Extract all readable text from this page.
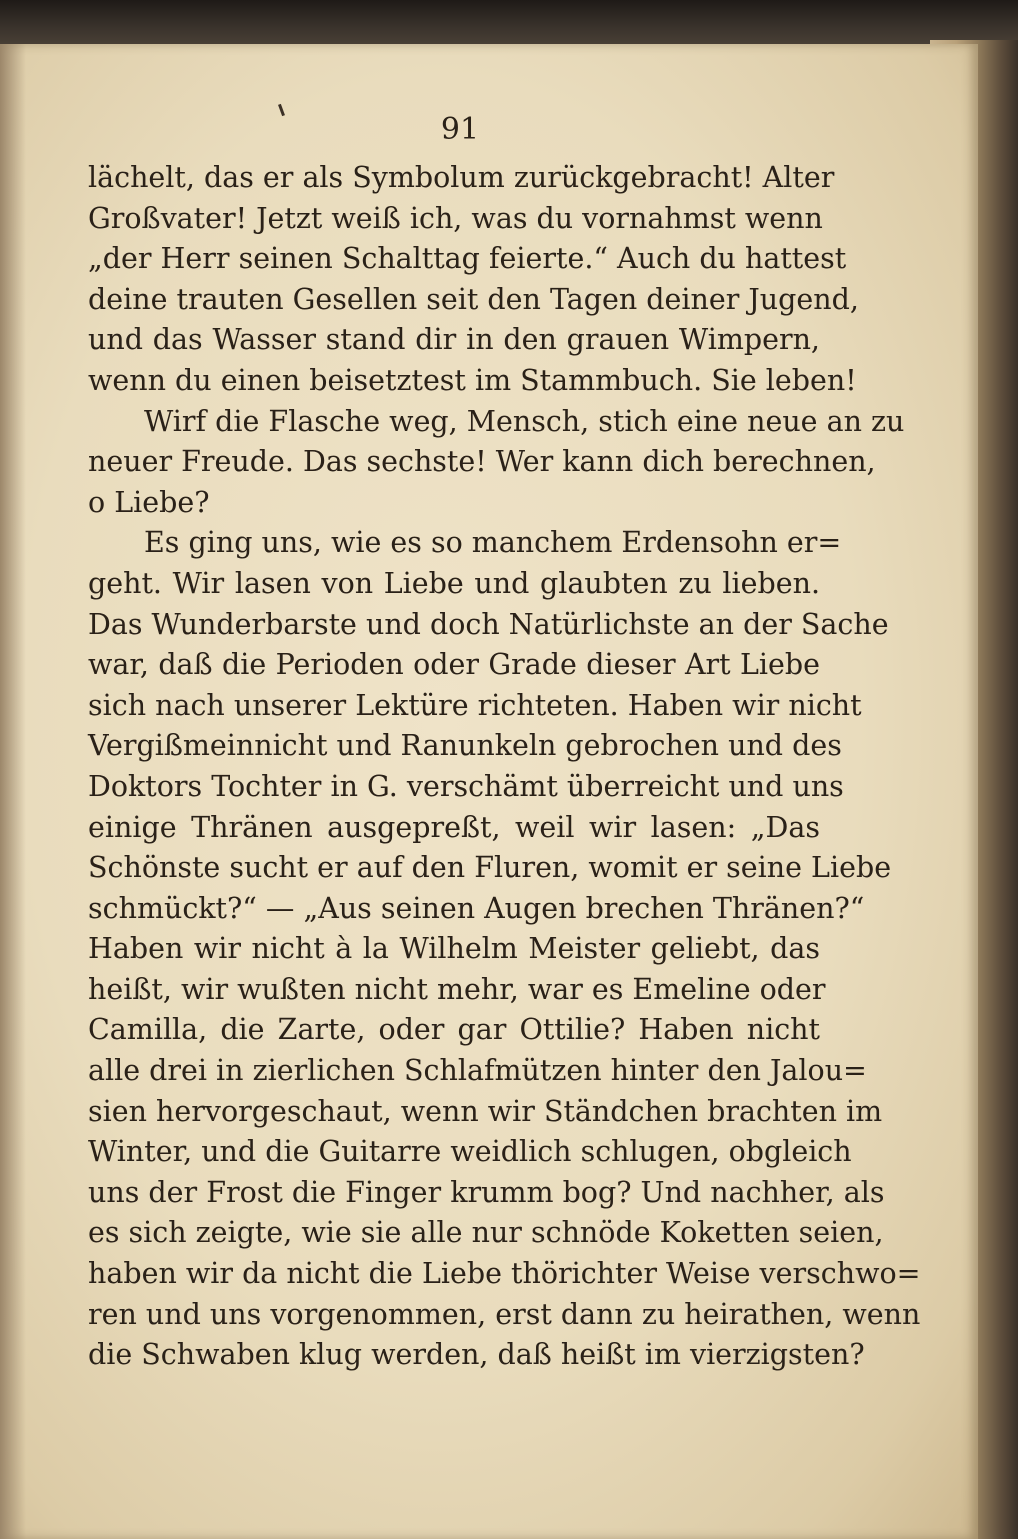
91
lächelt, das er als Symbolum zurückgebracht! Alter
Großvater! Jetzt weiß ich, was du vornahmst wenn
„der Herr seinen Schalttag feierte.“ Auch du hattest
deine trauten Gesellen seit den Tagen deiner Jugend,
und das Wasser stand dir in den grauen Wimpern,
wenn du einen beisetztest im Stammbuch. Sie leben!
Wirf die Flasche weg, Mensch, stich eine neue an zu
neuer Freude. Das sechste! Wer kann dich berechnen,
o Liebe?
Es ging uns, wie es so manchem Erdensohn er=
geht. Wir lasen von Liebe und glaubten zu lieben.
Das Wunderbarste und doch Natürlichste an der Sache
war, daß die Perioden oder Grade dieser Art Liebe
sich nach unserer Lektüre richteten. Haben wir nicht
Vergißmeinnicht und Ranunkeln gebrochen und des
Doktors Tochter in G. verschämt überreicht und uns
einige Thränen ausgepreßt, weil wir lasen: „Das
Schönste sucht er auf den Fluren, womit er seine Liebe
schmückt?“ — „Aus seinen Augen brechen Thränen?“
Haben wir nicht à la Wilhelm Meister geliebt, das
heißt, wir wußten nicht mehr, war es Emeline oder
Camilla, die Zarte, oder gar Ottilie? Haben nicht
alle drei in zierlichen Schlafmützen hinter den Jalou=
sien hervorgeschaut, wenn wir Ständchen brachten im
Winter, und die Guitarre weidlich schlugen, obgleich
uns der Frost die Finger krumm bog? Und nachher, als
es sich zeigte, wie sie alle nur schnöde Koketten seien,
haben wir da nicht die Liebe thörichter Weise verschwo=
ren und uns vorgenommen, erst dann zu heirathen, wenn
die Schwaben klug werden, daß heißt im vierzigsten?
